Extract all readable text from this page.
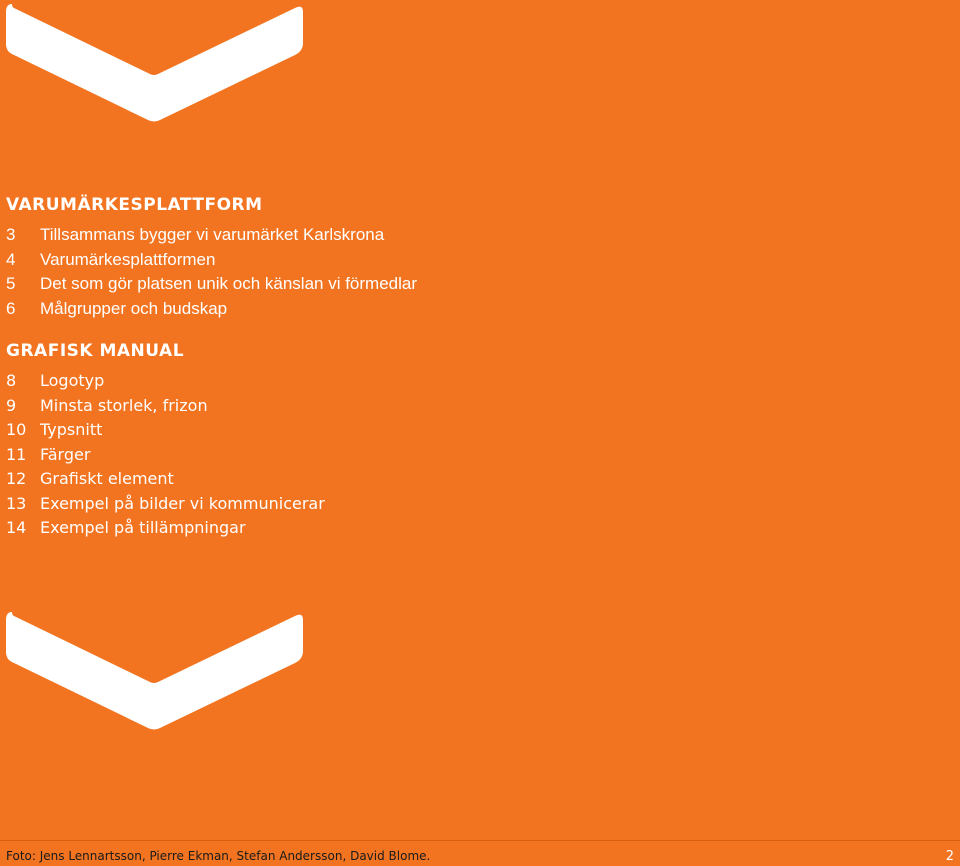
VARUMÄRKESPLATTFORM
3	Tillsammans bygger vi varumärket Karlskrona
4	Varumärkesplattformen
5	Det som gör platsen unik och känslan vi förmedlar
6	Målgrupper och budskap
GRAFISK MANUAL
8	Logotyp
9	Minsta storlek, frizon
10 Typsnitt
11 Färger
12 Grafiskt element
13 Exempel på bilder vi kommunicerar
14 Exempel på tillämpningar
Foto: Jens Lennartsson, Pierre Ekman, Stefan Andersson, David Blome.	2
